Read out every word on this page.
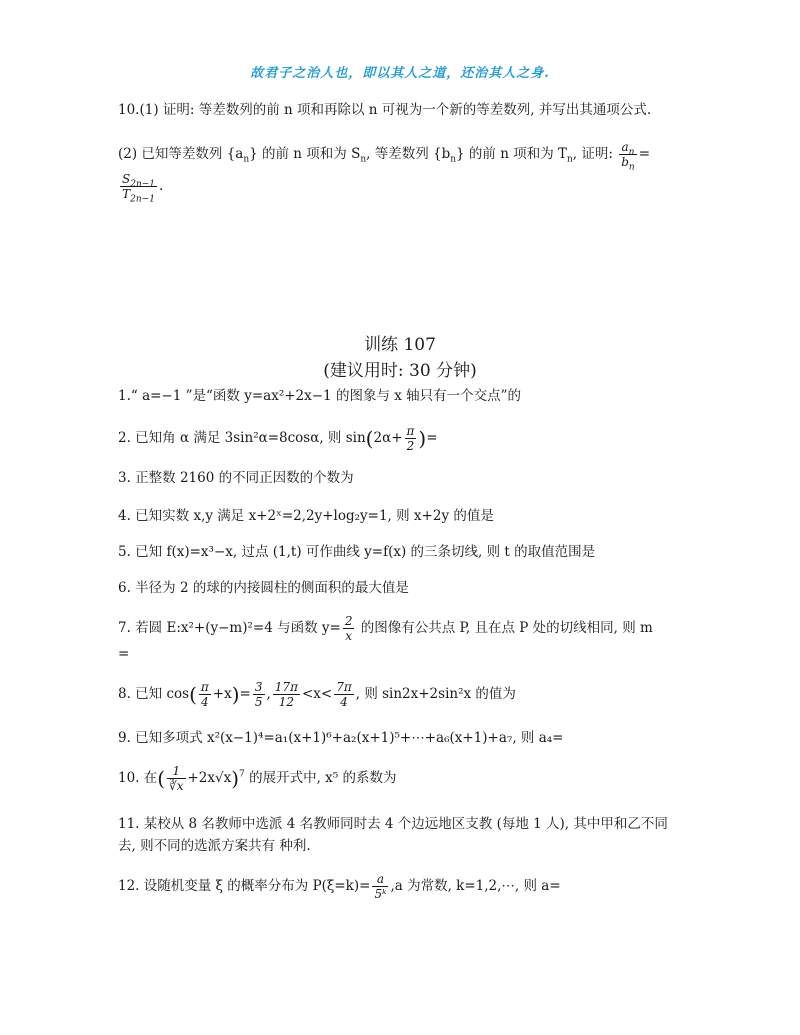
故君子之治人也，即以其人之道，还治其人之身.
10.(1) 证明: 等差数列的前 n 项和再除以 n 可视为一个新的等差数列, 并写出其通项公式.
(2) 已知等差数列 $\{a_n\}$ 的前 n 项和为 $S_n$, 等差数列 $\{b_n\}$ 的前 n 项和为 $T_n$, 证明: $\frac{a_n}{b_n}$ =
$\frac{S_{2n-1}}{T_{2n-1}}$ .
训练 107
(建议用时: 30 分钟)
1.“ a=−1 ”是“函数 y=ax²+2x−1 的图象与 x 轴只有一个交点”的
2. 已知角 α 满足 3sin²α=8cosα, 则 $\sin(2\alpha+ \frac{\pi}{2}$ )=
3. 正整数 2160 的不同正因数的个数为
4. 已知实数 x,y 满足 x+2ˣ=2,2y+log₂y=1, 则 x+2y 的值是
5. 已知 f(x)=x³−x, 过点 (1,t) 可作曲线 y=f(x) 的三条切线, 则 t 的取值范围是
6. 半径为 2 的球的内接圆柱的侧面积的最大值是
7. 若圆 E:x²+(y−m)²=4 与函数 $y= \frac{2}{x}$ 的图像有公共点 P, 且在点 P 处的切线相同, 则 m
=
8. 已知 $\cos( \frac{\pi}{4} +x)= \frac{3}{5}$ , $\frac{17\pi}{12} <x< \frac{7\pi}{4}$ , 则 sin2x+2sin²x 的值为
9. 已知多项式 x²(x−1)⁴=a₁(x+1)⁶+a₂(x+1)⁵+⋯+a₆(x+1)+a₇, 则 a₄=
10. 在( $\frac{1}{∛x} +2x√x)^7$ 的展开式中, x⁵ 的系数为
11. 某校从 8 名教师中选派 4 名教师同时去 4 个边远地区支教 (每地 1 人), 其中甲和乙不同
去, 则不同的选派方案共有 种利.
12. 设随机变量 ξ 的概率分布为 $P(\xi=k)= \frac{a}{\text{5ᵏ}} ,a$ 为常数, k=1,2,⋯, 则 a=
